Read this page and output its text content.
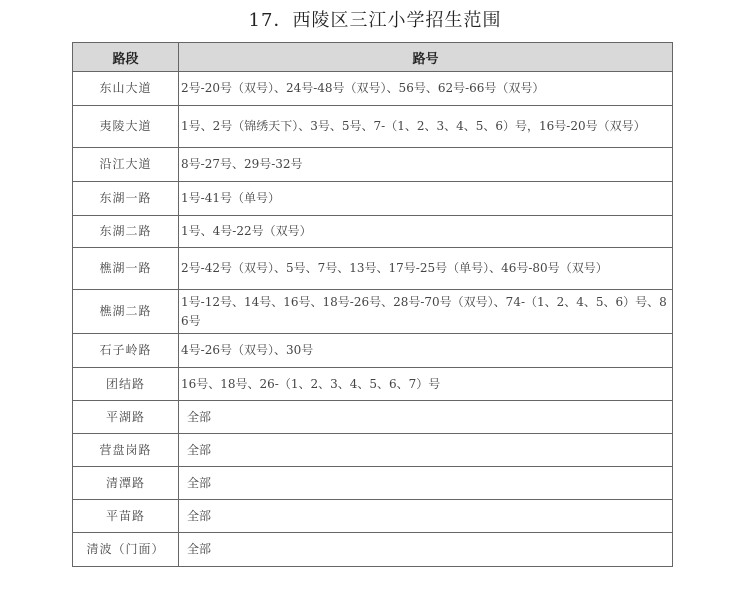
17．西陵区三江小学招生范围
路段	路号
东山大道	2号-20号（双号）、24号-48号（双号）、56号、62号-66号（双号）
夷陵大道	1号、2号（锦绣天下）、3号、5号、7-（1、2、3、4、5、6）号，16号-20号（双号）
沿江大道	8号-27号、29号-32号
东湖一路	1号-41号（单号）
东湖二路	1号、4号-22号（双号）
樵湖一路	2号-42号（双号）、5号、7号、13号、17号-25号（单号）、46号-80号（双号）
樵湖二路	1号-12号、14号、16号、18号-26号、28号-70号（双号）、74-（1、2、4、5、6）号、86号
石子岭路	4号-26号（双号）、30号
团结路	16号、18号、26-（1、2、3、4、5、6、7）号
平湖路	全部
营盘岗路	全部
清潭路	全部
平苗路	全部
清波（门面）	全部
